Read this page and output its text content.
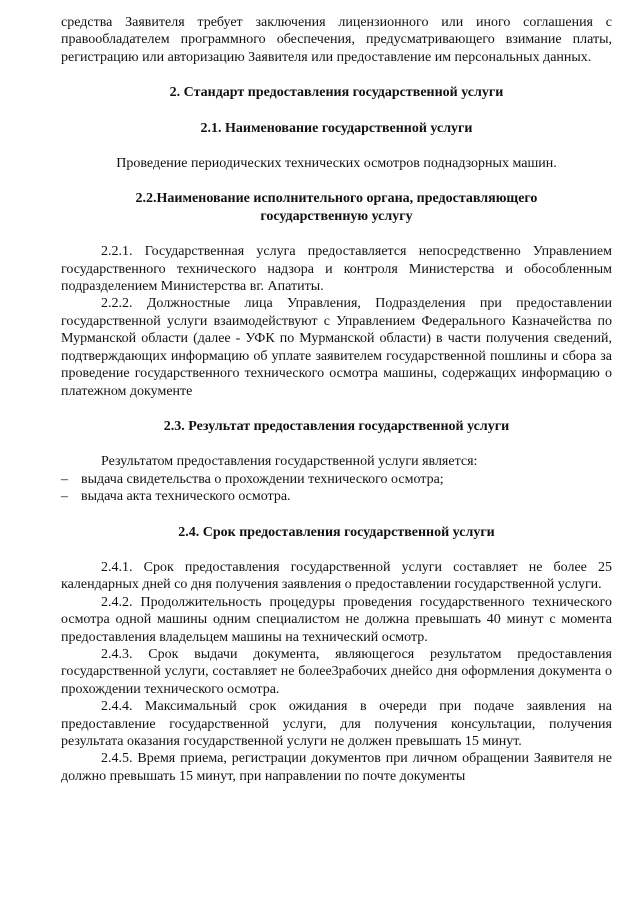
средства Заявителя требует заключения лицензионного или иного соглашения с правообладателем программного обеспечения, предусматривающего взимание платы, регистрацию или авторизацию Заявителя или предоставление им персональных данных.

2. Стандарт предоставления государственной услуги

2.1. Наименование государственной услуги

Проведение периодических технических осмотров поднадзорных машин.

2.2.Наименование исполнительного органа, предоставляющего

государственную услугу

2.2.1. Государственная услуга предоставляется непосредственно Управлением государственного технического надзора и контроля Министерства и обособленным подразделением Министерства вг. Апатиты.

2.2.2. Должностные лица Управления, Подразделения при предоставлении государственной услуги взаимодействуют с Управлением Федерального Казначейства по Мурманской области (далее - УФК по Мурманской области) в части получения сведений, подтверждающих информацию об уплате заявителем государственной пошлины и сбора за проведение государственного технического осмотра машины, содержащих информацию о платежном документе

2.3. Результат предоставления государственной услуги

Результатом предоставления государственной услуги является:

– выдача свидетельства о прохождении технического осмотра;

– выдача акта технического осмотра.

2.4. Срок предоставления государственной услуги

2.4.1. Срок предоставления государственной услуги составляет не более 25 календарных дней со дня получения заявления о предоставлении государственной услуги.

2.4.2. Продолжительность процедуры проведения государственного технического осмотра одной машины одним специалистом не должна превышать 40 минут с момента предоставления владельцем машины на технический осмотр.

2.4.3. Срок выдачи документа, являющегося результатом предоставления государственной услуги, составляет не более3рабочих днейсо дня оформления документа о прохождении технического осмотра.

2.4.4. Максимальный срок ожидания в очереди при подаче заявления на предоставление государственной услуги, для получения консультации, получения результата оказания государственной услуги не должен превышать 15 минут.

2.4.5. Время приема, регистрации документов при личном обращении Заявителя не должно превышать 15 минут, при направлении по почте документы
